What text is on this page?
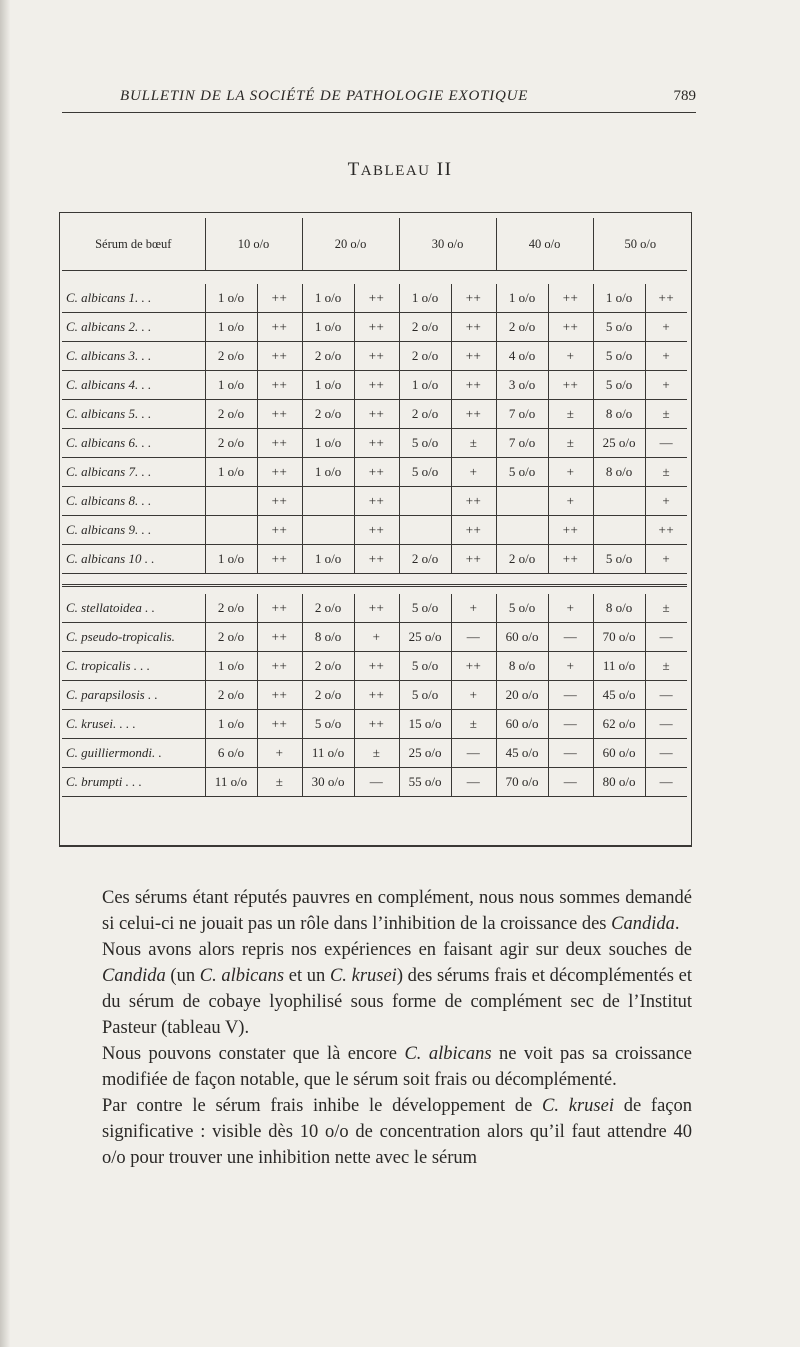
BULLETIN DE LA SOCIÉTÉ DE PATHOLOGIE EXOTIQUE	789
TABLEAU II
Sérum de bœuf	10 o/o		20 o/o		30 o/o		40 o/o		50 o/o	

C. albicans 1. . .	1 o/o	++	1 o/o	++	1 o/o	++	1 o/o	++	1 o/o	++
C. albicans 2. . .	1 o/o	++	1 o/o	++	2 o/o	++	2 o/o	++	5 o/o	+
C. albicans 3. . .	2 o/o	++	2 o/o	++	2 o/o	++	4 o/o	+	5 o/o	+
C. albicans 4. . .	1 o/o	++	1 o/o	++	1 o/o	++	3 o/o	++	5 o/o	+
C. albicans 5. . .	2 o/o	++	2 o/o	++	2 o/o	++	7 o/o	±	8 o/o	±
C. albicans 6. . .	2 o/o	++	1 o/o	++	5 o/o	±	7 o/o	±	25 o/o	—
C. albicans 7. . .	1 o/o	++	1 o/o	++	5 o/o	+	5 o/o	+	8 o/o	±
C. albicans 8. . .		++		++		++		+		+
C. albicans 9. . .		++		++		++		++		++
C. albicans 10 . .	1 o/o	++	1 o/o	++	2 o/o	++	2 o/o	++	5 o/o	+

C. stellatoidea . .	2 o/o	++	2 o/o	++	5 o/o	+	5 o/o	+	8 o/o	±
C. pseudo-tropicalis.	2 o/o	++	8 o/o	+	25 o/o	—	60 o/o	—	70 o/o	—
C. tropicalis . . .	1 o/o	++	2 o/o	++	5 o/o	++	8 o/o	+	11 o/o	±
C. parapsilosis . .	2 o/o	++	2 o/o	++	5 o/o	+	20 o/o	—	45 o/o	—
C. krusei. . . .	1 o/o	++	5 o/o	++	15 o/o	±	60 o/o	—	62 o/o	—
C. guilliermondi. .	6 o/o	+	11 o/o	±	25 o/o	—	45 o/o	—	60 o/o	—
C. brumpti . . .	11 o/o	±	30 o/o	—	55 o/o	—	70 o/o	—	80 o/o	—

Ces sérums étant réputés pauvres en complément, nous nous sommes demandé si celui-ci ne jouait pas un rôle dans l’inhibition de la croissance des Candida.

Nous avons alors repris nos expériences en faisant agir sur deux souches de Candida (un C. albicans et un C. krusei) des sérums frais et décomplémentés et du sérum de cobaye lyophilisé sous forme de complément sec de l’Institut Pasteur (tableau V).

Nous pouvons constater que là encore C. albicans ne voit pas sa croissance modifiée de façon notable, que le sérum soit frais ou décomplémenté.

Par contre le sérum frais inhibe le développement de C. krusei de façon significative : visible dès 10 o/o de concentration alors qu’il faut attendre 40 o/o pour trouver une inhibition nette avec le sérum
